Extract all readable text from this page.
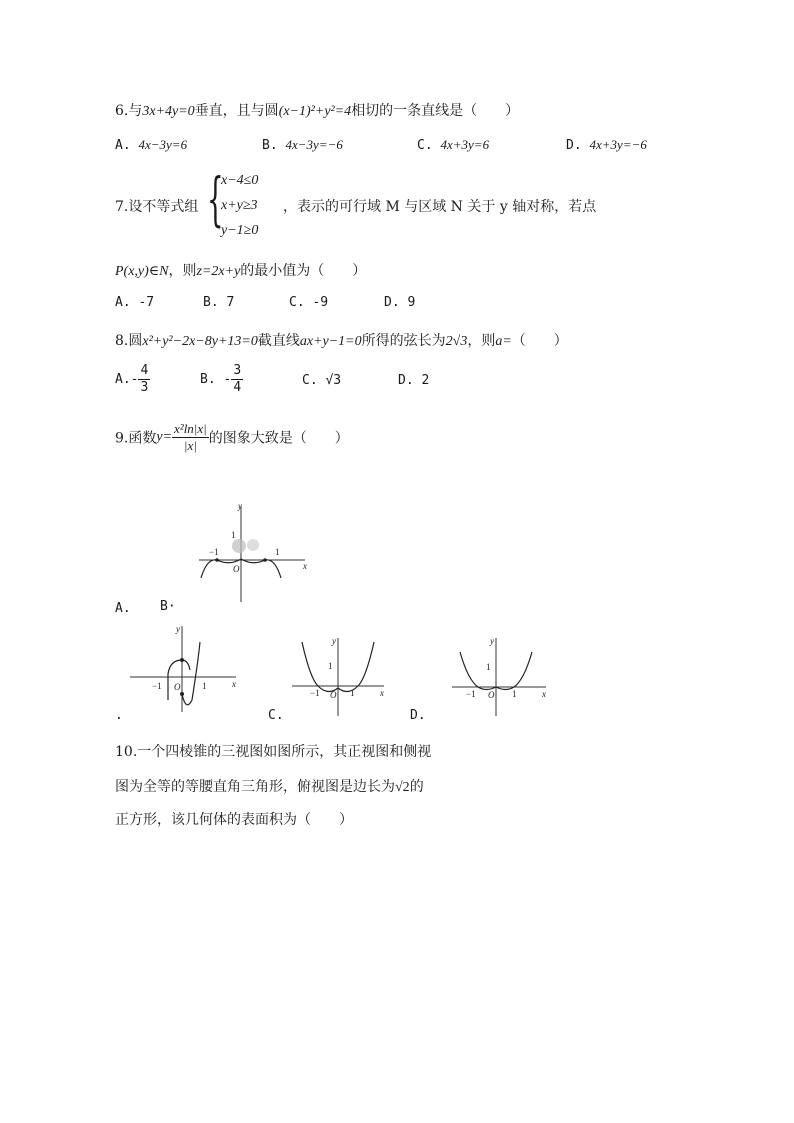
6.与3x+4y=0垂直，且与圆(x−1)²+y²=4相切的一条直线是（　　）
A. 4x−3y=6	B. 4x−3y=−6	C. 4x+3y=6	D. 4x+3y=−6
7.设不等式组 {
x−4≤0
x+y≥3
y−1≥0
，表示的可行域 M 与区域 N 关于 y 轴对称，若点
P(x,y)∈N，则z=2x+y的最小值为（　　）
A. -7	B. 7	C. -9	D. 9
8.圆x²+y²−2x−8y+13=0截直线ax+y−1=0所得的弦长为2√3，则a=（　　）
$A.- \frac{4}{3}$	B. - $\frac{3}{4}$	C. √3	D. 2
9.函数$y= \frac{\text{x²ln|x|}}{|x|}$ 的图象大致是（　　）
y
x
1
−1	1
O
A. B·
y
x
−1 O 1
y
x
1
−1 O 1
y
x
1
−1 O 1
.	C.	D.
10.一个四棱锥的三视图如图所示，其正视图和侧视
图为全等的等腰直角三角形，俯视图是边长为√2的
正方形，该几何体的表面积为（　　）
